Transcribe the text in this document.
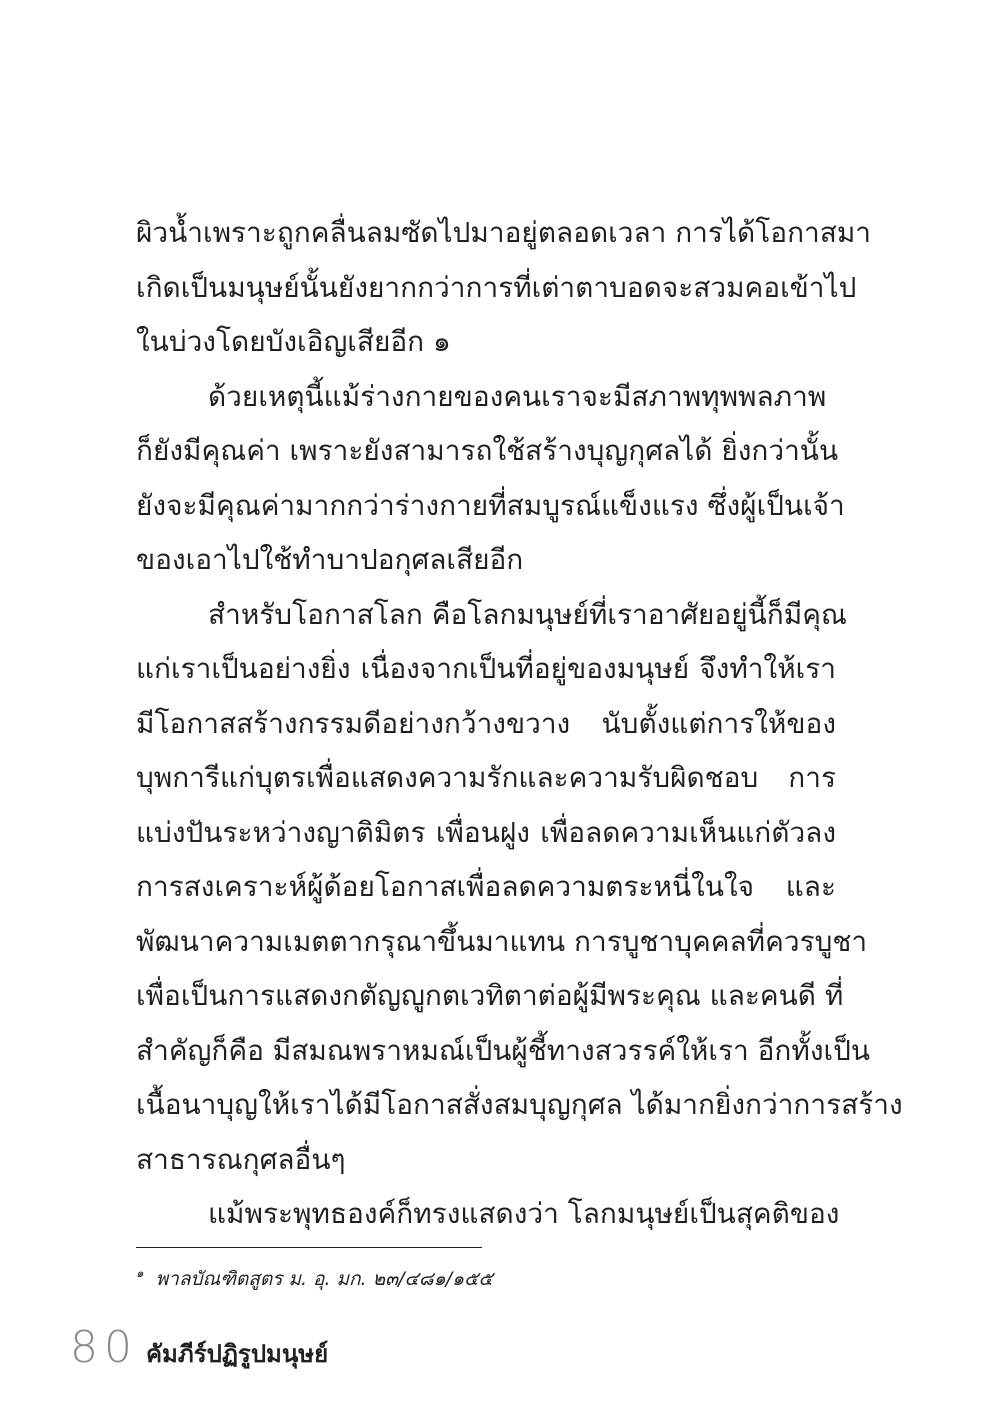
ผิวน้ำเพราะถูกคลื่นลมซัดไปมาอยู่ตลอดเวลา การได้โอกาสมา
เกิดเป็นมนุษย์นั้นยังยากกว่าการที่เต่าตาบอดจะสวมคอเข้าไป
ในบ่วงโดยบังเอิญเสียอีก ๑
ด้วยเหตุนี้แม้ร่างกายของคนเราจะมีสภาพทุพพลภาพ
ก็ยังมีคุณค่า เพราะยังสามารถใช้สร้างบุญกุศลได้ ยิ่งกว่านั้น
ยังจะมีคุณค่ามากกว่าร่างกายที่สมบูรณ์แข็งแรง ซึ่งผู้เป็นเจ้า
ของเอาไปใช้ทำบาปอกุศลเสียอีก
สำหรับโอกาสโลก คือโลกมนุษย์ที่เราอาศัยอยู่นี้ก็มีคุณ
แก่เราเป็นอย่างยิ่ง เนื่องจากเป็นที่อยู่ของมนุษย์ จึงทำให้เรา
มีโอกาสสร้างกรรมดีอย่างกว้างขวาง นับตั้งแต่การให้ของ
บุพการีแก่บุตรเพื่อแสดงความรักและความรับผิดชอบ การ
แบ่งปันระหว่างญาติมิตร เพื่อนฝูง เพื่อลดความเห็นแก่ตัวลง
การสงเคราะห์ผู้ด้อยโอกาสเพื่อลดความตระหนี่ในใจ และ
พัฒนาความเมตตากรุณาขึ้นมาแทน การบูชาบุคคลที่ควรบูชา
เพื่อเป็นการแสดงกตัญญูกตเวทิตาต่อผู้มีพระคุณ และคนดี ที่
สำคัญก็คือ มีสมณพราหมณ์เป็นผู้ชี้ทางสวรรค์ให้เรา อีกทั้งเป็น
เนื้อนาบุญให้เราได้มีโอกาสสั่งสมบุญกุศล ได้มากยิ่งกว่าการสร้าง
สาธารณกุศลอื่นๆ
แม้พระพุทธองค์ก็ทรงแสดงว่า โลกมนุษย์เป็นสุคติของ
$^๑$ พาลบัณฑิตสูตร ม. อุ. มก. ๒๓/๔๘๑/๑๕๕
80 คัมภีร์ปฏิรูปมนุษย์
